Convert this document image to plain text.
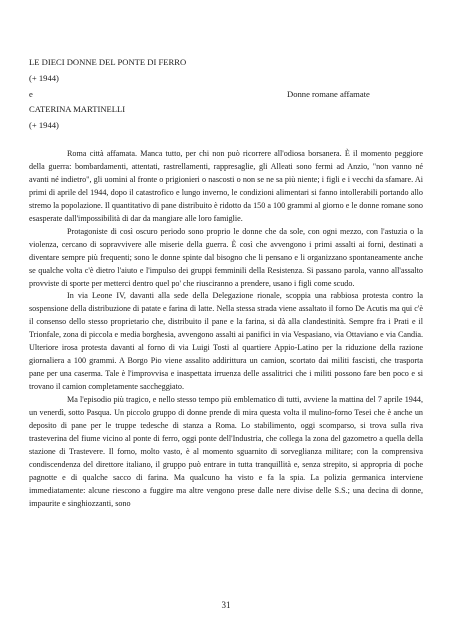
LE DIECI DONNE DEL PONTE DI FERRO
(+ 1944)
e	Donne romane affamate
CATERINA MARTINELLI
(+ 1944)

Roma città affamata. Manca tutto, per chi non può ricorrere all'odiosa borsanera. È il momento peggiore della guerra: bombardamenti, attentati, rastrellamenti, rappresaglie, gli Alleati sono fermi ad Anzio, "non vanno né avanti né indietro", gli uomini al fronte o prigionieri o nascosti o non se ne sa più niente; i figli e i vecchi da sfamare. Ai primi di aprile del 1944, dopo il catastrofico e lungo inverno, le condizioni alimentari si fanno intollerabili portando allo stremo la popolazione. Il quantitativo di pane distribuito è ridotto da 150 a 100 grammi al giorno e le donne romane sono esasperate dall'impossibilità di dar da mangiare alle loro famiglie.

Protagoniste di così oscuro periodo sono proprio le donne che da sole, con ogni mezzo, con l'astuzia o la violenza, cercano di sopravvivere alle miserie della guerra. È così che avvengono i primi assalti ai forni, destinati a diventare sempre più frequenti; sono le donne spinte dal bisogno che li pensano e li organizzano spontaneamente anche se qualche volta c'è dietro l'aiuto e l'impulso dei gruppi femminili della Resistenza. Si passano parola, vanno all'assalto provviste di sporte per metterci dentro quel po' che riusciranno a prendere, usano i figli come scudo.

In via Leone IV, davanti alla sede della Delegazione rionale, scoppia una rabbiosa protesta contro la sospensione della distribuzione di patate e farina di latte. Nella stessa strada viene assaltato il forno De Acutis ma qui c'è il consenso dello stesso proprietario che, distribuito il pane e la farina, si dà alla clandestinità. Sempre fra i Prati e il Trionfale, zona di piccola e media borghesia, avvengono assalti ai panifici in via Vespasiano, via Ottaviano e via Candia. Ulteriore irosa protesta davanti al forno di via Luigi Tosti al quartiere Appio-Latino per la riduzione della razione giornaliera a 100 grammi. A Borgo Pio viene assalito addirittura un camion, scortato dai militi fascisti, che trasporta pane per una caserma. Tale è l'improvvisa e inaspettata irruenza delle assalitrici che i militi possono fare ben poco e si trovano il camion completamente saccheggiato.

Ma l'episodio più tragico, e nello stesso tempo più emblematico di tutti, avviene la mattina del 7 aprile 1944, un venerdì, sotto Pasqua. Un piccolo gruppo di donne prende di mira questa volta il mulino-forno Tesei che è anche un deposito di pane per le truppe tedesche di stanza a Roma. Lo stabilimento, oggi scomparso, si trova sulla riva trasteverina del fiume vicino al ponte di ferro, oggi ponte dell'Industria, che collega la zona del gazometro a quella della stazione di Trastevere. Il forno, molto vasto, è al momento sguarnito di sorveglianza militare; con la comprensiva condiscendenza del direttore italiano, il gruppo può entrare in tutta tranquillità e, senza strepito, si appropria di poche pagnotte e di qualche sacco di farina. Ma qualcuno ha visto e fa la spia. La polizia germanica interviene immediatamente: alcune riescono a fuggire ma altre vengono prese dalle nere divise delle S.S.; una decina di donne, impaurite e singhiozzanti, sono

31
